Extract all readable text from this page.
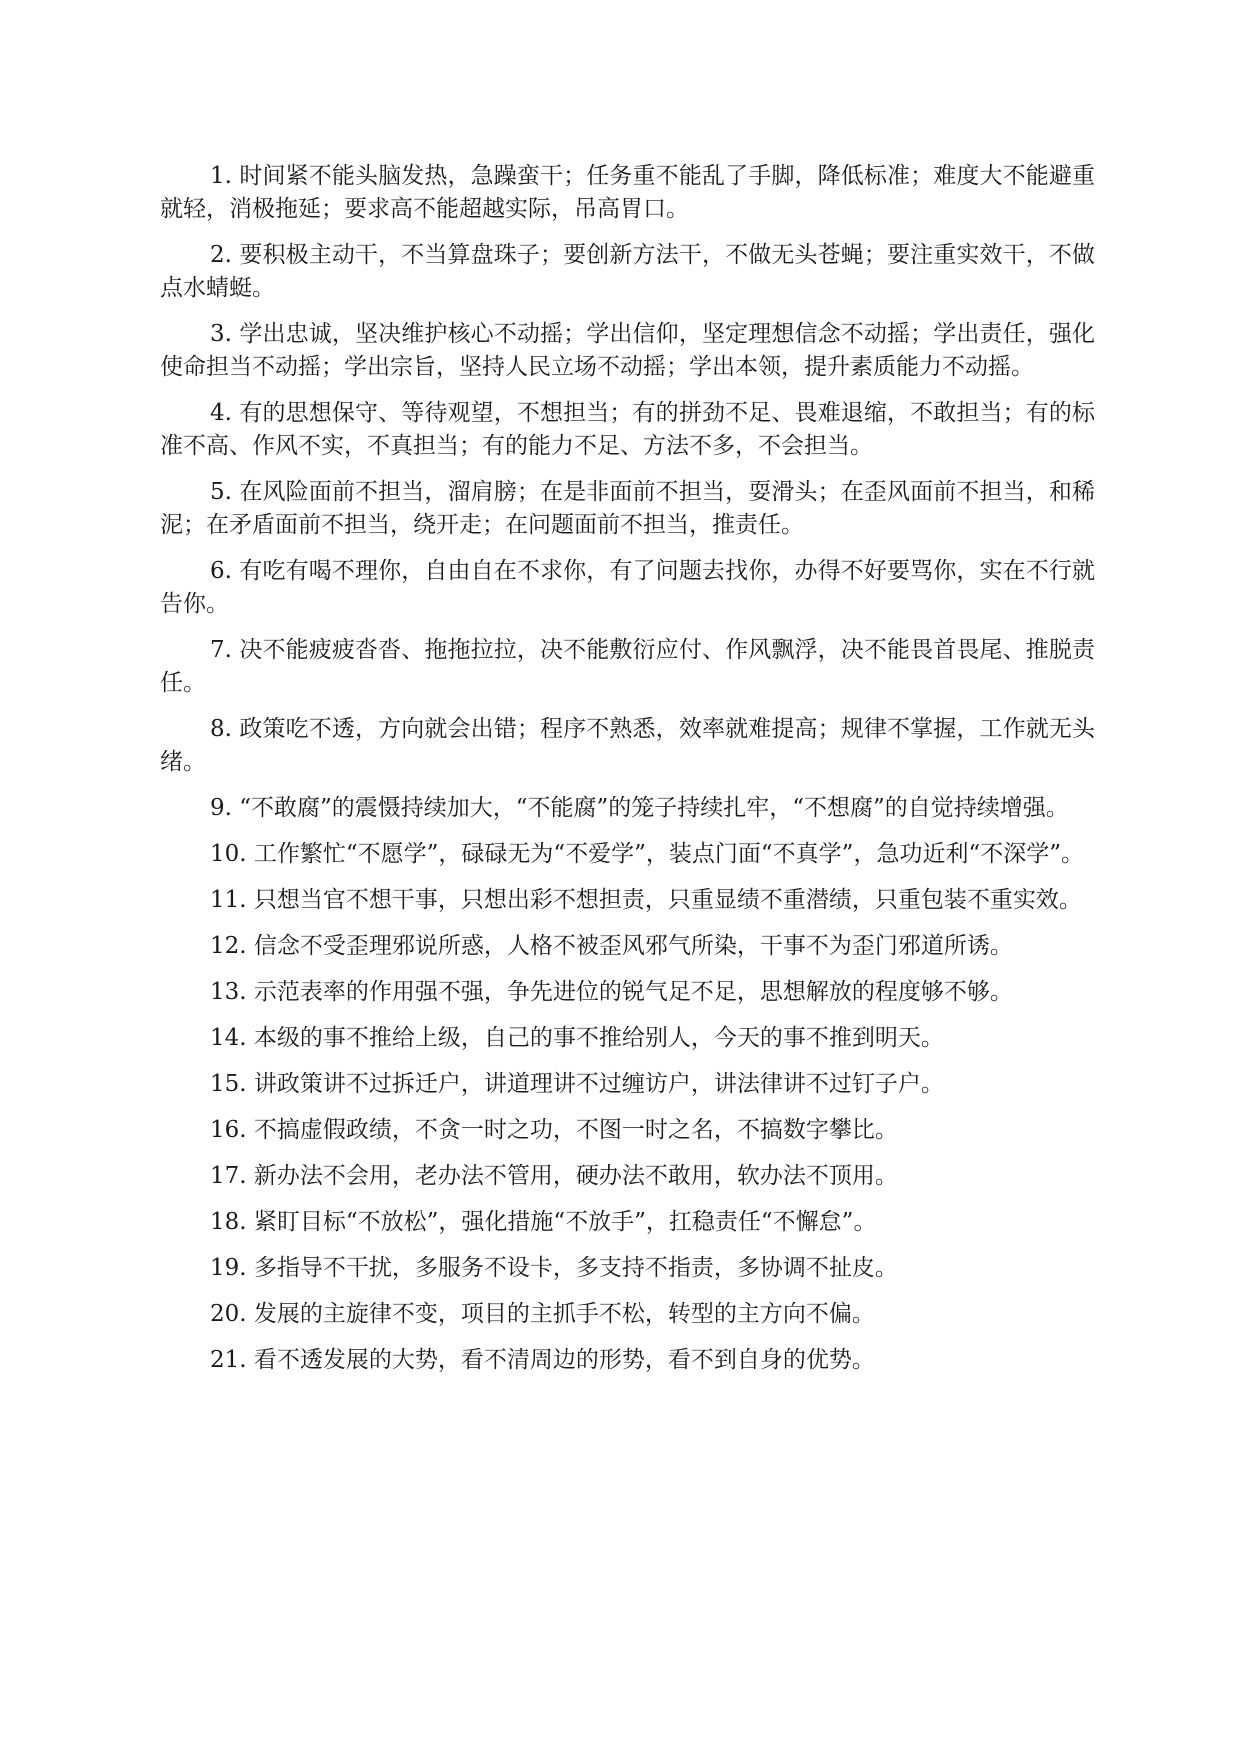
1. 时间紧不能头脑发热，急躁蛮干；任务重不能乱了手脚，降低标准；难度大不能避重就轻，消极拖延；要求高不能超越实际，吊高胃口。

2. 要积极主动干，不当算盘珠子；要创新方法干，不做无头苍蝇；要注重实效干，不做点水蜻蜓。

3. 学出忠诚，坚决维护核心不动摇；学出信仰，坚定理想信念不动摇；学出责任，强化使命担当不动摇；学出宗旨，坚持人民立场不动摇；学出本领，提升素质能力不动摇。

4. 有的思想保守、等待观望，不想担当；有的拼劲不足、畏难退缩，不敢担当；有的标准不高、作风不实，不真担当；有的能力不足、方法不多，不会担当。

5. 在风险面前不担当，溜肩膀；在是非面前不担当，耍滑头；在歪风面前不担当，和稀泥；在矛盾面前不担当，绕开走；在问题面前不担当，推责任。

6. 有吃有喝不理你，自由自在不求你，有了问题去找你，办得不好要骂你，实在不行就告你。

7. 决不能疲疲沓沓、拖拖拉拉，决不能敷衍应付、作风飘浮，决不能畏首畏尾、推脱责任。

8. 政策吃不透，方向就会出错；程序不熟悉，效率就难提高；规律不掌握，工作就无头绪。

9. “不敢腐”的震慑持续加大，“不能腐”的笼子持续扎牢，“不想腐”的自觉持续增强。

10. 工作繁忙“不愿学”，碌碌无为“不爱学”，装点门面“不真学”，急功近利“不深学”。

11. 只想当官不想干事，只想出彩不想担责，只重显绩不重潜绩，只重包装不重实效。

12. 信念不受歪理邪说所惑，人格不被歪风邪气所染，干事不为歪门邪道所诱。

13. 示范表率的作用强不强，争先进位的锐气足不足，思想解放的程度够不够。

14. 本级的事不推给上级，自己的事不推给别人，今天的事不推到明天。

15. 讲政策讲不过拆迁户，讲道理讲不过缠访户，讲法律讲不过钉子户。

16. 不搞虚假政绩，不贪一时之功，不图一时之名，不搞数字攀比。

17. 新办法不会用，老办法不管用，硬办法不敢用，软办法不顶用。

18. 紧盯目标“不放松”，强化措施“不放手”，扛稳责任“不懈怠”。

19. 多指导不干扰，多服务不设卡，多支持不指责，多协调不扯皮。

20. 发展的主旋律不变，项目的主抓手不松，转型的主方向不偏。

21. 看不透发展的大势，看不清周边的形势，看不到自身的优势。
